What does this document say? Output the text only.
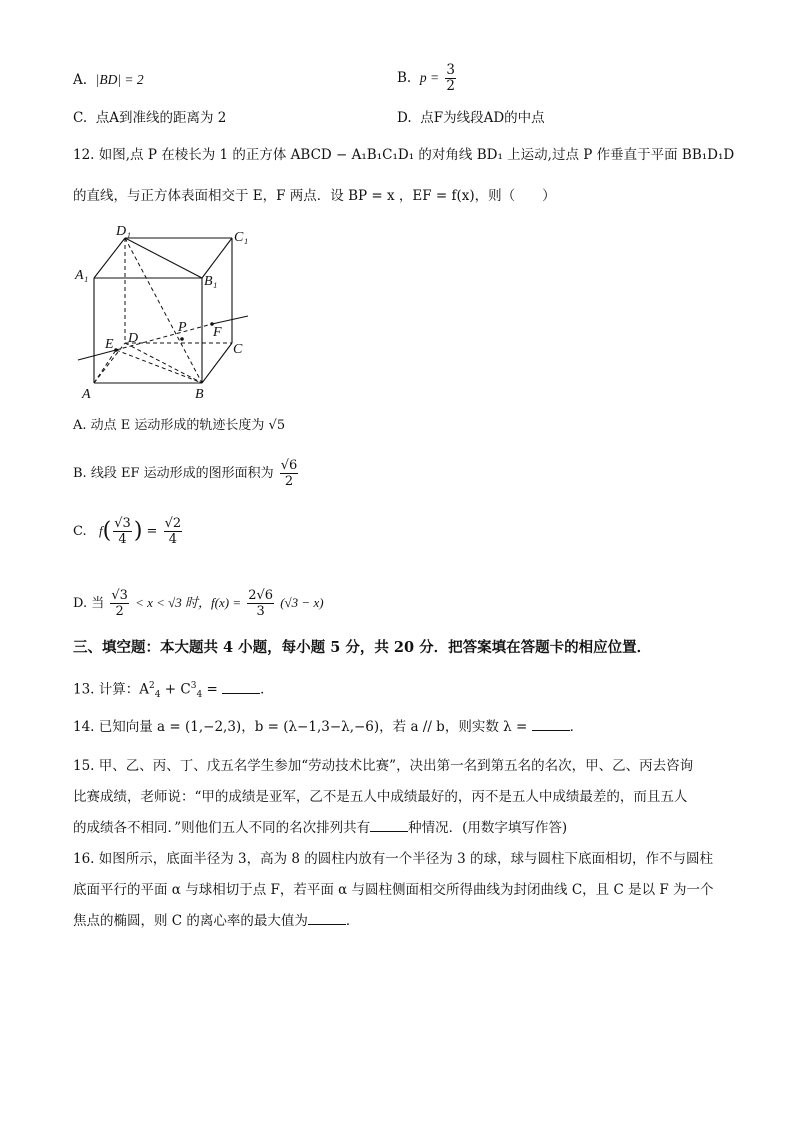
A. |BD| = 2	B. $p = \frac{3}{2}$
C. 点A到准线的距离为 2	D. 点F为线段AD的中点
12. 如图,点 P 在棱长为 1 的正方体 ABCD − A₁B₁C₁D₁ 的对角线 BD₁ 上运动,过点 P 作垂直于平面 BB₁D₁D
的直线，与正方体表面相交于 E，F 两点．设 BP = x ，EF = f(x)，则（　　）
D₁	C₁
A₁	B₁
P
D	F
E	C
A	B
A. 动点 E 运动形成的轨迹长度为 √5
B. 线段 EF 运动形成的图形面积为 $\frac{√6}{2}$
C. $f( \frac{√3}{4}$ ) = $\frac{√2}{4}$
D. 当 $\frac{√3}{2} < x < √3$ 时，$f(x) = \frac{2√6}{3} (√3 - x)$
三、填空题：本大题共 4 小题，每小题 5 分，共 20 分．把答案填在答题卡的相应位置．
13. 计算：$A^2_4 + C^3_4$ =	．
14. 已知向量 a = (1,−2,3)，b = (λ−1,3−λ,−6)，若 a // b，则实数 λ =	．
15. 甲、乙、丙、丁、戊五名学生参加“劳动技术比赛”，决出第一名到第五名的名次，甲、乙、丙去咨询
比赛成绩，老师说：“甲的成绩是亚军，乙不是五人中成绩最好的，丙不是五人中成绩最差的，而且五人
的成绩各不相同．”则他们五人不同的名次排列共有	种情况．(用数字填写作答)
16. 如图所示，底面半径为 3，高为 8 的圆柱内放有一个半径为 3 的球，球与圆柱下底面相切，作不与圆柱
底面平行的平面 α 与球相切于点 F，若平面 α 与圆柱侧面相交所得曲线为封闭曲线 C，且 C 是以 F 为一个
焦点的椭圆，则 C 的离心率的最大值为	．
